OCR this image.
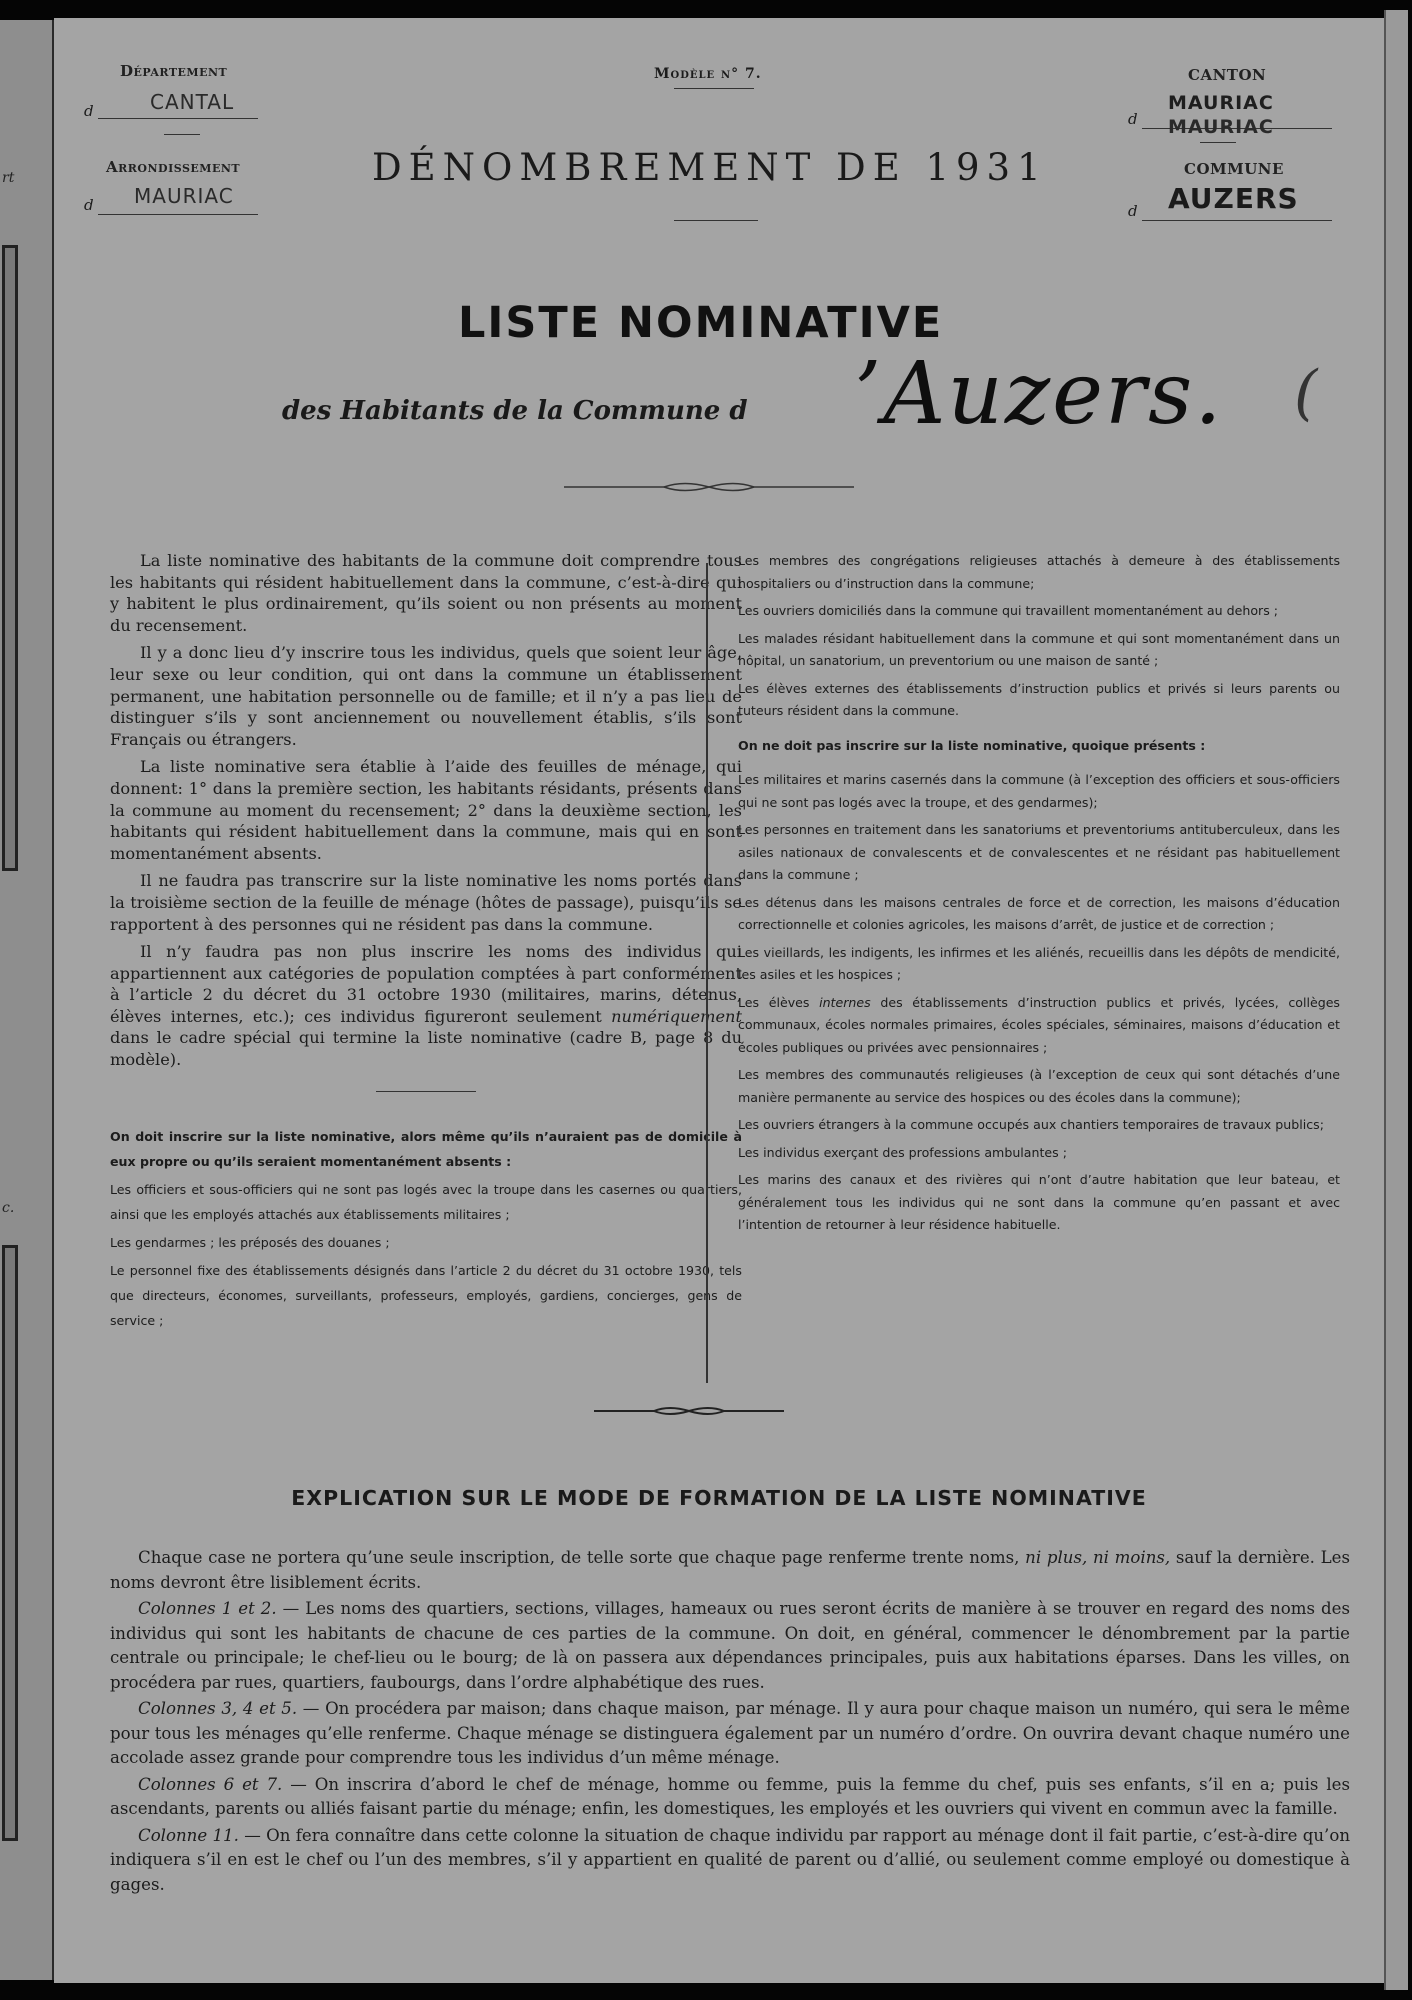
rt
c.
Département
d	CANTAL
Arrondissement
d MAURIAC
Modèle n° 7.
DÉNOMBREMENT DE 1931
CANTON
d
MAURIAC
MAURIAC
COMMUNE
d AUZERS
LISTE NOMINATIVE
des Habitants de la Commune d ’Auzers. (

La liste nominative des habitants de la commune doit comprendre tous les habitants qui résident habituellement dans la commune, c’est-à-dire qui y habitent le plus ordinairement, qu’ils soient ou non présents au moment du recensement.

Il y a donc lieu d’y inscrire tous les individus, quels que soient leur âge, leur sexe ou leur condition, qui ont dans la commune un établissement permanent, une habitation personnelle ou de famille; et il n’y a pas lieu de distinguer s’ils y sont anciennement ou nouvellement établis, s’ils sont Français ou étrangers.

La liste nominative sera établie à l’aide des feuilles de ménage, qui donnent: 1° dans la première section, les habitants résidants, présents dans la commune au moment du recensement; 2° dans la deuxième section, les habitants qui résident habituellement dans la commune, mais qui en sont momentanément absents.

Il ne faudra pas transcrire sur la liste nominative les noms portés dans la troisième section de la feuille de ménage (hôtes de passage), puisqu’ils se rapportent à des personnes qui ne résident pas dans la commune.

Il n’y faudra pas non plus inscrire les noms des individus qui appartiennent aux catégories de population comptées à part conformément à l’article 2 du décret du 31 octobre 1930 (militaires, marins, détenus, élèves internes, etc.); ces individus figureront seulement numériquement dans le cadre spécial qui termine la liste nominative (cadre B, page 8 du modèle).

On doit inscrire sur la liste nominative, alors même qu’ils n’auraient pas de domicile à eux propre ou qu’ils seraient momentanément absents :

Les officiers et sous-officiers qui ne sont pas logés avec la troupe dans les casernes ou quartiers, ainsi que les employés attachés aux établissements militaires ;

Les gendarmes ; les préposés des douanes ;

Le personnel fixe des établissements désignés dans l’article 2 du décret du 31 octobre 1930, tels que directeurs, économes, surveillants, professeurs, employés, gardiens, concierges, gens de service ;

Les membres des congrégations religieuses attachés à demeure à des établissements hospitaliers ou d’instruction dans la commune;

Les ouvriers domiciliés dans la commune qui travaillent momentanément au dehors ;

Les malades résidant habituellement dans la commune et qui sont momentanément dans un hôpital, un sanatorium, un preventorium ou une maison de santé ;

Les élèves externes des établissements d’instruction publics et privés si leurs parents ou tuteurs résident dans la commune.

On ne doit pas inscrire sur la liste nominative, quoique présents :

Les militaires et marins casernés dans la commune (à l’exception des officiers et sous-officiers qui ne sont pas logés avec la troupe, et des gendarmes);

Les personnes en traitement dans les sanatoriums et preventoriums antituberculeux, dans les asiles nationaux de convalescents et de convalescentes et ne résidant pas habituellement dans la commune ;

Les détenus dans les maisons centrales de force et de correction, les maisons d’éducation correctionnelle et colonies agricoles, les maisons d’arrêt, de justice et de correction ;

Les vieillards, les indigents, les infirmes et les aliénés, recueillis dans les dépôts de mendicité, les asiles et les hospices ;

Les élèves internes des établissements d’instruction publics et privés, lycées, collèges communaux, écoles normales primaires, écoles spéciales, séminaires, maisons d’éducation et écoles publiques ou privées avec pensionnaires ;

Les membres des communautés religieuses (à l’exception de ceux qui sont détachés d’une manière permanente au service des hospices ou des écoles dans la commune);

Les ouvriers étrangers à la commune occupés aux chantiers temporaires de travaux publics;

Les individus exerçant des professions ambulantes ;

Les marins des canaux et des rivières qui n’ont d’autre habitation que leur bateau, et généralement tous les individus qui ne sont dans la commune qu’en passant et avec l’intention de retourner à leur résidence habituelle.

EXPLICATION SUR LE MODE DE FORMATION DE LA LISTE NOMINATIVE

Chaque case ne portera qu’une seule inscription, de telle sorte que chaque page renferme trente noms, ni plus, ni moins, sauf la dernière. Les noms devront être lisiblement écrits.

Colonnes 1 et 2. — Les noms des quartiers, sections, villages, hameaux ou rues seront écrits de manière à se trouver en regard des noms des individus qui sont les habitants de chacune de ces parties de la commune. On doit, en général, commencer le dénombrement par la partie centrale ou principale; le chef-lieu ou le bourg; de là on passera aux dépendances principales, puis aux habitations éparses. Dans les villes, on procédera par rues, quartiers, faubourgs, dans l’ordre alphabétique des rues.

Colonnes 3, 4 et 5. — On procédera par maison; dans chaque maison, par ménage. Il y aura pour chaque maison un numéro, qui sera le même pour tous les ménages qu’elle renferme. Chaque ménage se distinguera également par un numéro d’ordre. On ouvrira devant chaque numéro une accolade assez grande pour comprendre tous les individus d’un même ménage.

Colonnes 6 et 7. — On inscrira d’abord le chef de ménage, homme ou femme, puis la femme du chef, puis ses enfants, s’il en a; puis les ascendants, parents ou alliés faisant partie du ménage; enfin, les domestiques, les employés et les ouvriers qui vivent en commun avec la famille.

Colonne 11. — On fera connaître dans cette colonne la situation de chaque individu par rapport au ménage dont il fait partie, c’est-à-dire qu’on indiquera s’il en est le chef ou l’un des membres, s’il y appartient en qualité de parent ou d’allié, ou seulement comme employé ou domestique à gages.
